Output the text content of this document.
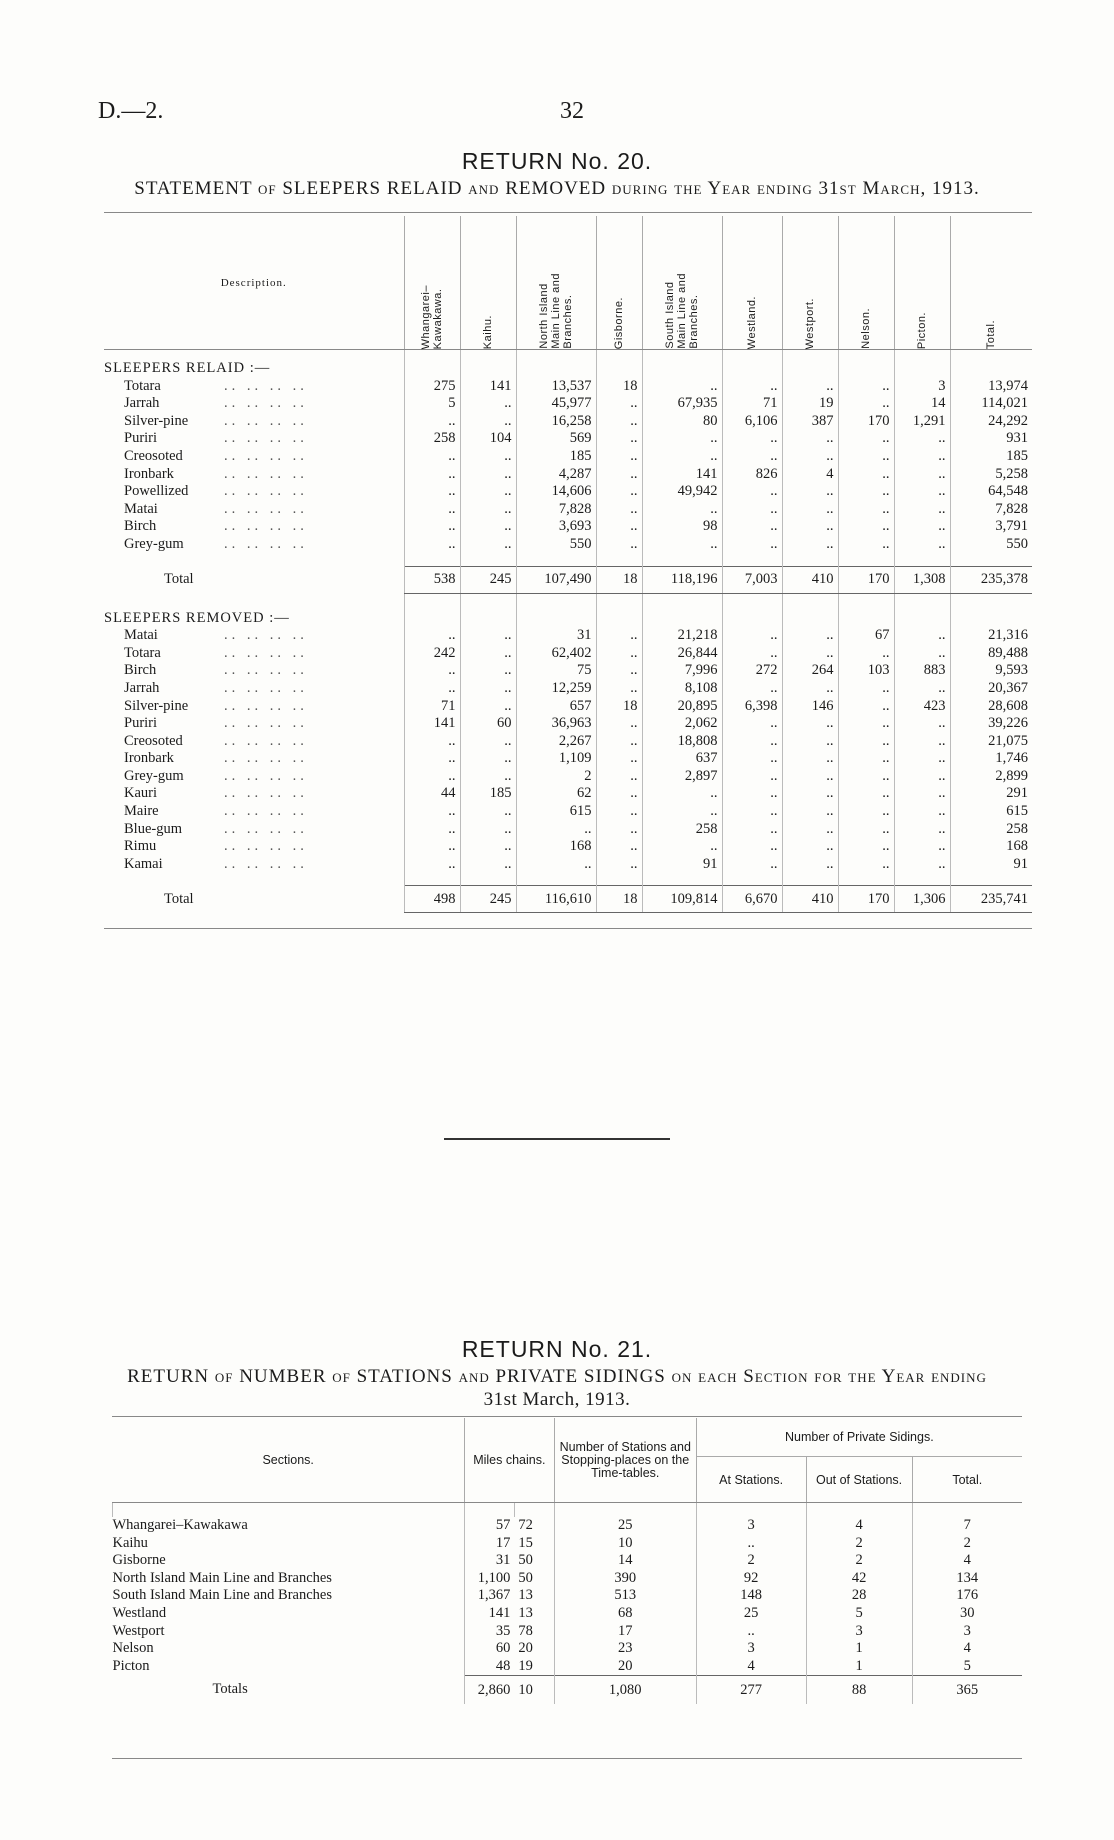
D.—2.	32
RETURN No. 20.
STATEMENT of SLEEPERS RELAID and REMOVED during the Year ending 31st March, 1913.
Description.	Whangarei–
Kawakawa.	Kaihu.	North Island
Main Line and
Branches.	Gisborne.	South Island
Main Line and
Branches.	Westland.	Westport.	Nelson.	Picton.	Total.

SLEEPERS RELAID :—										
Totara .. .. .. ..	275	141	13,537	18	..	..	..	..	3	13,974
Jarrah .. .. .. ..	5	..	45,977	..	67,935	71	19	..	14	114,021
Silver-pine .. .. .. ..	..	..	16,258	..	80	6,106	387	170	1,291	24,292
Puriri .. .. .. ..	258	104	569	..	..	..	..	..	..	931
Creosoted .. .. .. ..	..	..	185	..	..	..	..	..	..	185
Ironbark .. .. .. ..	..	..	4,287	..	141	826	4	..	..	5,258
Powellized .. .. .. ..	..	..	14,606	..	49,942	..	..	..	..	64,548
Matai .. .. .. ..	..	..	7,828	..	..	..	..	..	..	7,828
Birch .. .. .. ..	..	..	3,693	..	98	..	..	..	..	3,791
Grey-gum .. .. .. ..	..	..	550	..	..	..	..	..	..	550

Total	538	245	107,490	18	118,196	7,003	410	170	1,308	235,378

SLEEPERS REMOVED :—										
Matai .. .. .. ..	..	..	31	..	21,218	..	..	67	..	21,316
Totara .. .. .. ..	242	..	62,402	..	26,844	..	..	..	..	89,488
Birch .. .. .. ..	..	..	75	..	7,996	272	264	103	883	9,593
Jarrah .. .. .. ..	..	..	12,259	..	8,108	..	..	..	..	20,367
Silver-pine .. .. .. ..	71	..	657	18	20,895	6,398	146	..	423	28,608
Puriri .. .. .. ..	141	60	36,963	..	2,062	..	..	..	..	39,226
Creosoted .. .. .. ..	..	..	2,267	..	18,808	..	..	..	..	21,075
Ironbark .. .. .. ..	..	..	1,109	..	637	..	..	..	..	1,746
Grey-gum .. .. .. ..	..	..	2	..	2,897	..	..	..	..	2,899
Kauri .. .. .. ..	44	185	62	..	..	..	..	..	..	291
Maire .. .. .. ..	..	..	615	..	..	..	..	..	..	615
Blue-gum .. .. .. ..	..	..	..	..	258	..	..	..	..	258
Rimu .. .. .. ..	..	..	168	..	..	..	..	..	..	168
Kamai .. .. .. ..	..	..	..	..	91	..	..	..	..	91

Total	498	245	116,610	18	109,814	6,670	410	170	1,306	235,741
RETURN No. 21.
RETURN of NUMBER of STATIONS and PRIVATE SIDINGS on each Section for the Year ending
31st March, 1913.
Sections.	Miles chains.		Number of Stations and Stopping-places on the Time-tables.	Number of Private Sidings.		
				At Stations.	Out of Stations.	Total.

Whangarei–Kawakawa	57	72	25	3	4	7
Kaihu	17	15	10	..	2	2
Gisborne	31	50	14	2	2	4
North Island Main Line and Branches	1,100	50	390	92	42	134
South Island Main Line and Branches	1,367	13	513	148	28	176
Westland	141	13	68	25	5	30
Westport	35	78	17	..	3	3
Nelson	60	20	23	3	1	4
Picton	48	19	20	4	1	5
Totals	2,860	10	1,080	277	88	365
